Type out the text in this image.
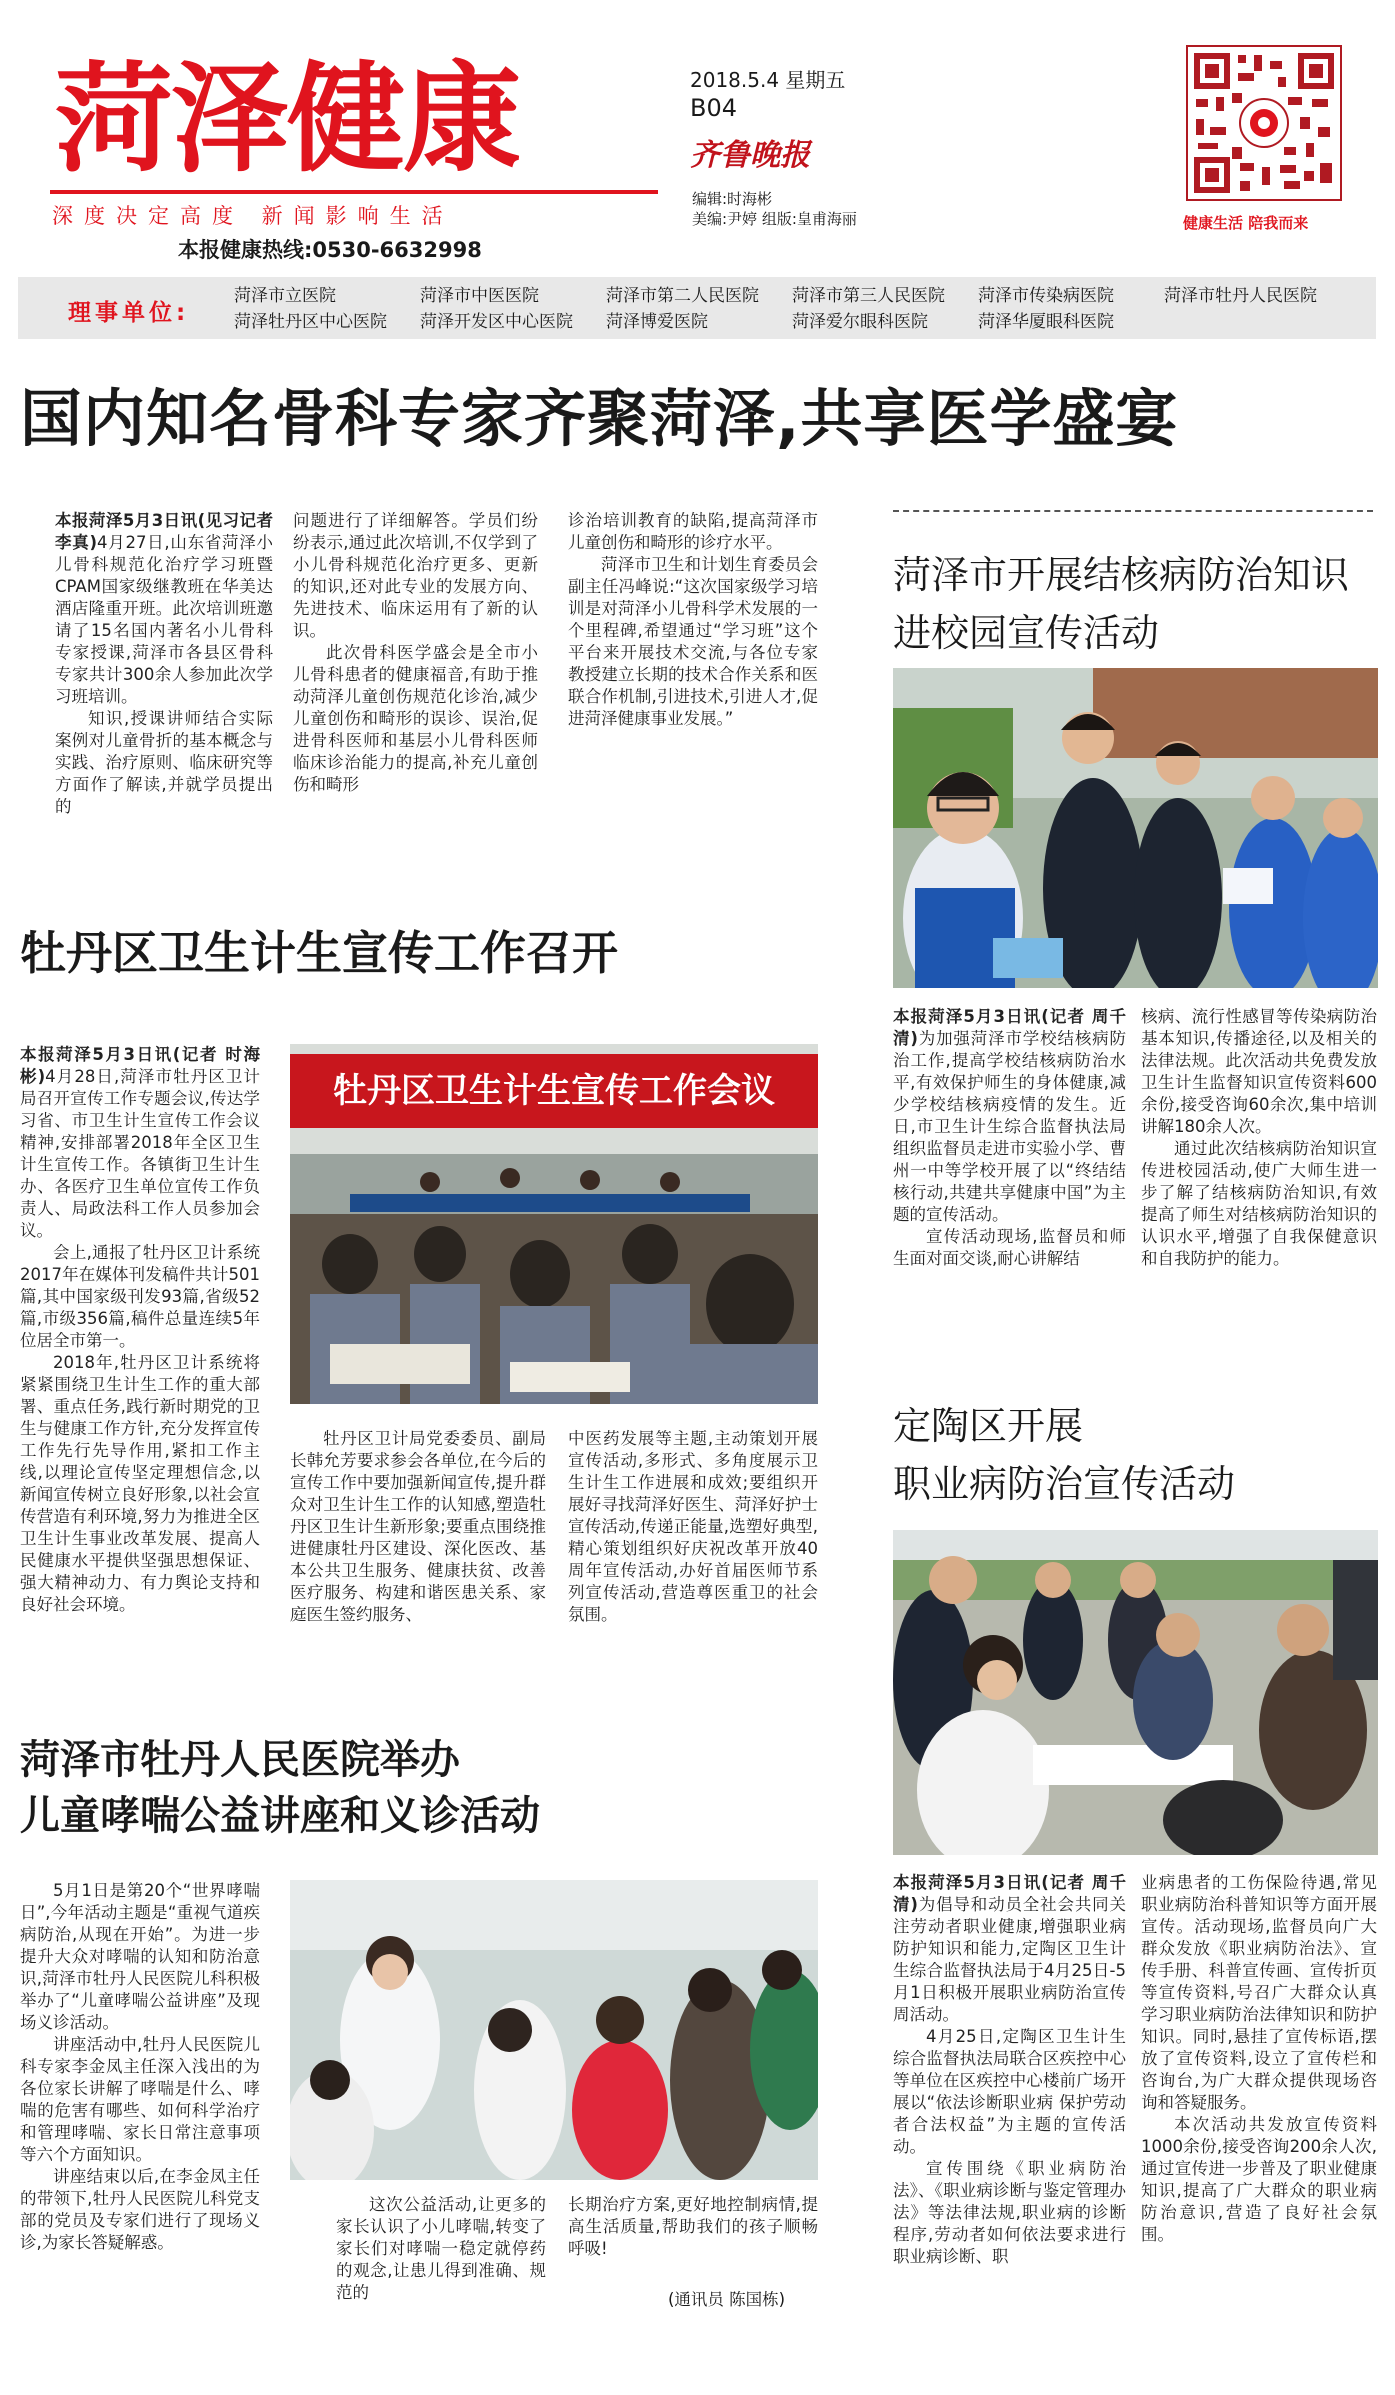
菏泽健康
深度决定高度 新闻影响生活
本报健康热线:0530-6632998
2018.5.4 星期五
B04
齐鲁晚报
编辑:时海彬
美编:尹婷 组版:皇甫海丽	健康生活 陪我而来
理事单位:
菏泽市立医院	菏泽市中医医院	菏泽市第二人民医院	菏泽市第三人民医院	菏泽市传染病医院	菏泽市牡丹人民医院
菏泽牡丹区中心医院	菏泽开发区中心医院	菏泽博爱医院	菏泽爱尔眼科医院	菏泽华厦眼科医院
国内知名骨科专家齐聚菏泽,共享医学盛宴

本报菏泽5月3日讯(见习记者 李真)4月27日,山东省菏泽小儿骨科规范化治疗学习班暨CPAM国家级继教班在华美达酒店隆重开班。此次培训班邀请了15名国内著名小儿骨科专家授课,菏泽市各县区骨科专家共计300余人参加此次学习班培训。

知识,授课讲师结合实际案例对儿童骨折的基本概念与实践、治疗原则、临床研究等方面作了解读,并就学员提出的

问题进行了详细解答。学员们纷纷表示,通过此次培训,不仅学到了小儿骨科规范化治疗更多、更新的知识,还对此专业的发展方向、先进技术、临床运用有了新的认识。

此次骨科医学盛会是全市小儿骨科患者的健康福音,有助于推动菏泽儿童创伤规范化诊治,减少儿童创伤和畸形的误诊、误治,促进骨科医师和基层小儿骨科医师临床诊治能力的提高,补充儿童创伤和畸形

诊治培训教育的缺陷,提高菏泽市儿童创伤和畸形的诊疗水平。

菏泽市卫生和计划生育委员会副主任冯峰说:“这次国家级学习培训是对菏泽小儿骨科学术发展的一个里程碑,希望通过“学习班”这个平台来开展技术交流,与各位专家教授建立长期的技术合作关系和医联合作机制,引进技术,引进人才,促进菏泽健康事业发展。”

牡丹区卫生计生宣传工作召开

本报菏泽5月3日讯(记者 时海彬)4月28日,菏泽市牡丹区卫计局召开宣传工作专题会议,传达学习省、市卫生计生宣传工作会议精神,安排部署2018年全区卫生计生宣传工作。各镇街卫生计生办、各医疗卫生单位宣传工作负责人、局政法科工作人员参加会议。

会上,通报了牡丹区卫计系统2017年在媒体刊发稿件共计501篇,其中国家级刊发93篇,省级52篇,市级356篇,稿件总量连续5年位居全市第一。

2018年,牡丹区卫计系统将紧紧围绕卫生计生工作的重大部署、重点任务,践行新时期党的卫生与健康工作方针,充分发挥宣传工作先行先导作用,紧扣工作主线,以理论宣传坚定理想信念,以新闻宣传树立良好形象,以社会宣传营造有利环境,努力为推进全区卫生计生事业改革发展、提高人民健康水平提供坚强思想保证、强大精神动力、有力舆论支持和良好社会环境。

牡丹区卫生计生宣传工作会议

牡丹区卫计局党委委员、副局长韩允芳要求参会各单位,在今后的宣传工作中要加强新闻宣传,提升群众对卫生计生工作的认知感,塑造牡丹区卫生计生新形象;要重点围绕推进健康牡丹区建设、深化医改、基本公共卫生服务、健康扶贫、改善医疗服务、构建和谐医患关系、家庭医生签约服务、

中医药发展等主题,主动策划开展宣传活动,多形式、多角度展示卫生计生工作进展和成效;要组织开展好寻找菏泽好医生、菏泽好护士宣传活动,传递正能量,选塑好典型,精心策划组织好庆祝改革开放40周年宣传活动,办好首届医师节系列宣传活动,营造尊医重卫的社会氛围。

菏泽市牡丹人民医院举办
儿童哮喘公益讲座和义诊活动

5月1日是第20个“世界哮喘日”,今年活动主题是“重视气道疾病防治,从现在开始”。为进一步提升大众对哮喘的认知和防治意识,菏泽市牡丹人民医院儿科积极举办了“儿童哮喘公益讲座”及现场义诊活动。

讲座活动中,牡丹人民医院儿科专家李金凤主任深入浅出的为各位家长讲解了哮喘是什么、哮喘的危害有哪些、如何科学治疗和管理哮喘、家长日常注意事项等六个方面知识。

讲座结束以后,在李金凤主任的带领下,牡丹人民医院儿科党支部的党员及专家们进行了现场义诊,为家长答疑解惑。

这次公益活动,让更多的家长认识了小儿哮喘,转变了家长们对哮喘一稳定就停药的观念,让患儿得到准确、规范的

长期治疗方案,更好地控制病情,提高生活质量,帮助我们的孩子顺畅呼吸!

(通讯员 陈国栋)
菏泽市开展结核病防治知识
进校园宣传活动

本报菏泽5月3日讯(记者 周千清)为加强菏泽市学校结核病防治工作,提高学校结核病防治水平,有效保护师生的身体健康,减少学校结核病疫情的发生。近日,市卫生计生综合监督执法局组织监督员走进市实验小学、曹州一中等学校开展了以“终结结核行动,共建共享健康中国”为主题的宣传活动。

宣传活动现场,监督员和师生面对面交谈,耐心讲解结

核病、流行性感冒等传染病防治基本知识,传播途径,以及相关的法律法规。此次活动共免费发放卫生计生监督知识宣传资料600余份,接受咨询60余次,集中培训讲解180余人次。

通过此次结核病防治知识宣传进校园活动,使广大师生进一步了解了结核病防治知识,有效提高了师生对结核病防治知识的认识水平,增强了自我保健意识和自我防护的能力。

定陶区开展
职业病防治宣传活动

本报菏泽5月3日讯(记者 周千清)为倡导和动员全社会共同关注劳动者职业健康,增强职业病防护知识和能力,定陶区卫生计生综合监督执法局于4月25日-5月1日积极开展职业病防治宣传周活动。

4月25日,定陶区卫生计生综合监督执法局联合区疾控中心等单位在区疾控中心楼前广场开展以“依法诊断职业病 保护劳动者合法权益”为主题的宣传活动。

宣传围绕《职业病防治法》、《职业病诊断与鉴定管理办法》等法律法规,职业病的诊断程序,劳动者如何依法要求进行职业病诊断、职

业病患者的工伤保险待遇,常见职业病防治科普知识等方面开展宣传。活动现场,监督员向广大群众发放《职业病防治法》、宣传手册、科普宣传画、宣传折页等宣传资料,号召广大群众认真学习职业病防治法律知识和防护知识。同时,悬挂了宣传标语,摆放了宣传资料,设立了宣传栏和咨询台,为广大群众提供现场咨询和答疑服务。

本次活动共发放宣传资料1000余份,接受咨询200余人次,通过宣传进一步普及了职业健康知识,提高了广大群众的职业病防治意识,营造了良好社会氛围。
